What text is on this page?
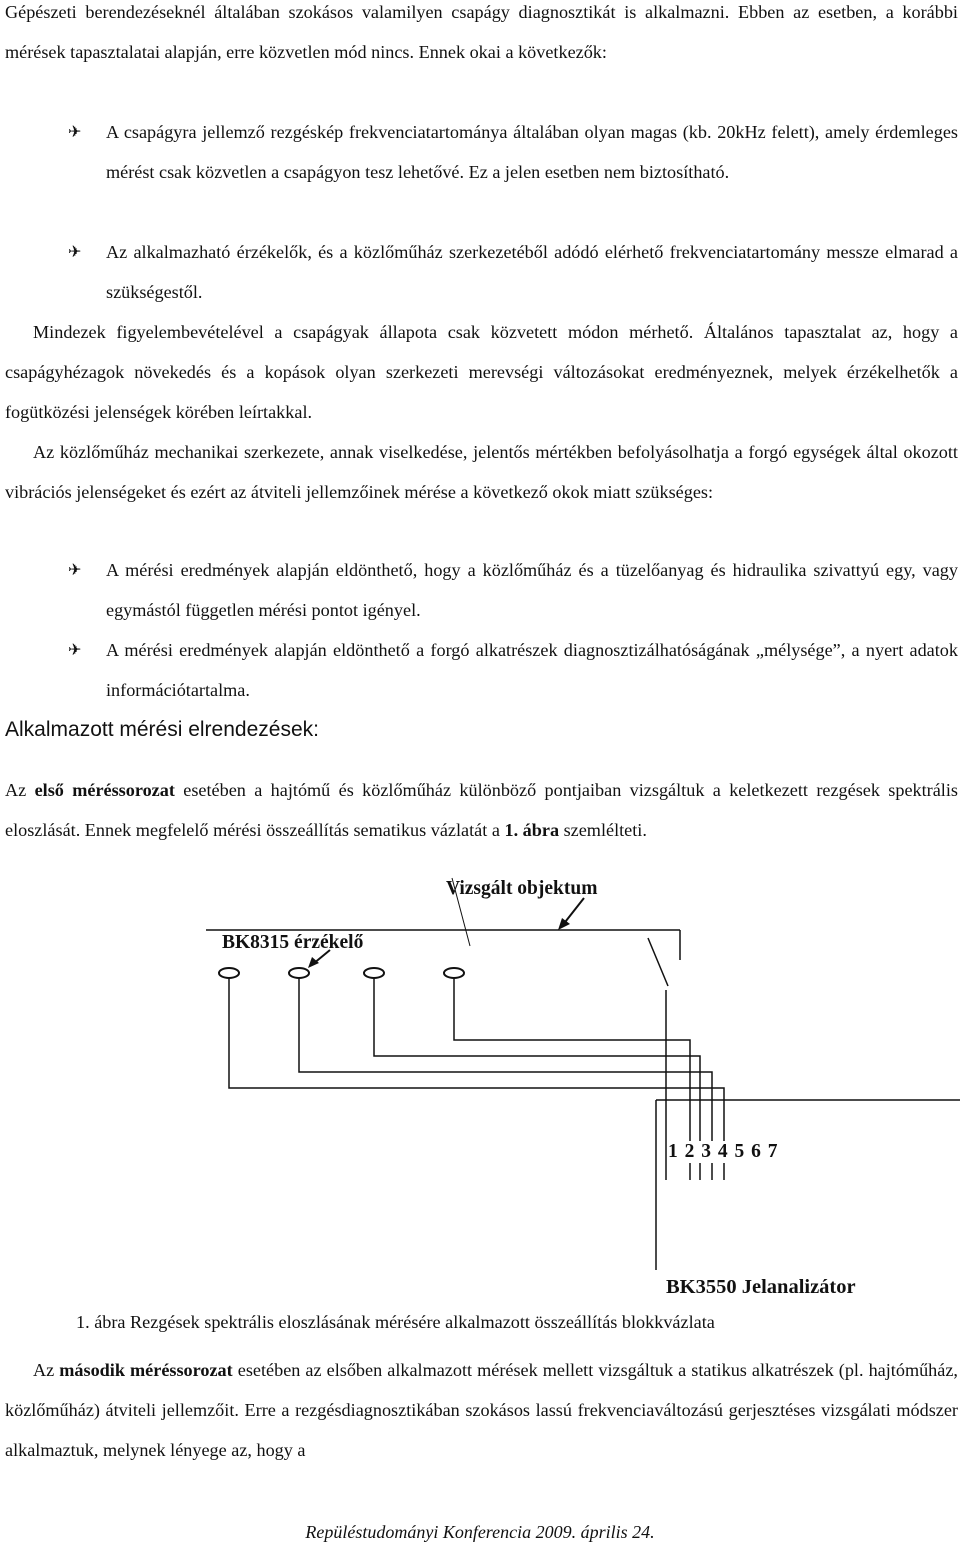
Gépészeti berendezéseknél általában szokásos valamilyen csapágy diagnosztikát is alkalmazni. Ebben az esetben, a korábbi mérések tapasztalatai alapján, erre közvetlen mód nincs. Ennek okai a következők:

✈	A csapágyra jellemző rezgéskép frekvenciatartománya általában olyan magas (kb. 20kHz felett), amely érdemleges mérést csak közvetlen a csapágyon tesz lehetővé. Ez a jelen esetben nem biztosítható.
✈	Az alkalmazható érzékelők, és a közlőműház szerkezetéből adódó elérhető frekvenciatartomány messze elmarad a szükségestől.

Mindezek figyelembevételével a csapágyak állapota csak közvetett módon mérhető. Általános tapasztalat az, hogy a csapágyhézagok növekedés és a kopások olyan szerkezeti merevségi változásokat eredményeznek, melyek érzékelhetők a fogütközési jelenségek körében leírtakkal.

Az közlőműház mechanikai szerkezete, annak viselkedése, jelentős mértékben befolyásolhatja a forgó egységek által okozott vibrációs jelenségeket és ezért az átviteli jellemzőinek mérése a következő okok miatt szükséges:

✈	A mérési eredmények alapján eldönthető, hogy a közlőműház és a tüzelőanyag és hidraulika szivattyú egy, vagy egymástól független mérési pontot igényel.
✈	A mérési eredmények alapján eldönthető a forgó alkatrészek diagnosztizálhatóságának „mélysége”, a nyert adatok információtartalma.
Alkalmazott mérési elrendezések:

Az első méréssorozat esetében a hajtómű és közlőműház különböző pontjaiban vizsgáltuk a keletkezett rezgések spektrális eloszlását. Ennek megfelelő mérési összeállítás sematikus vázlatát a 1. ábra szemlélteti.

Vizsgált objektum
BK8315 érzékelő
1 2 3 4 5 6 7
BK3550 Jelanalizátor

1. ábra Rezgések spektrális eloszlásának mérésére alkalmazott összeállítás blokkvázlata

Az második méréssorozat esetében az elsőben alkalmazott mérések mellett vizsgáltuk a statikus alkatrészek (pl. hajtóműház, közlőműház) átviteli jellemzőit. Erre a rezgésdiagnosztikában szokásos lassú frekvenciaváltozású gerjesztéses vizsgálati módszer alkalmaztuk, melynek lényege az, hogy a

Repüléstudományi Konferencia 2009. április 24.
